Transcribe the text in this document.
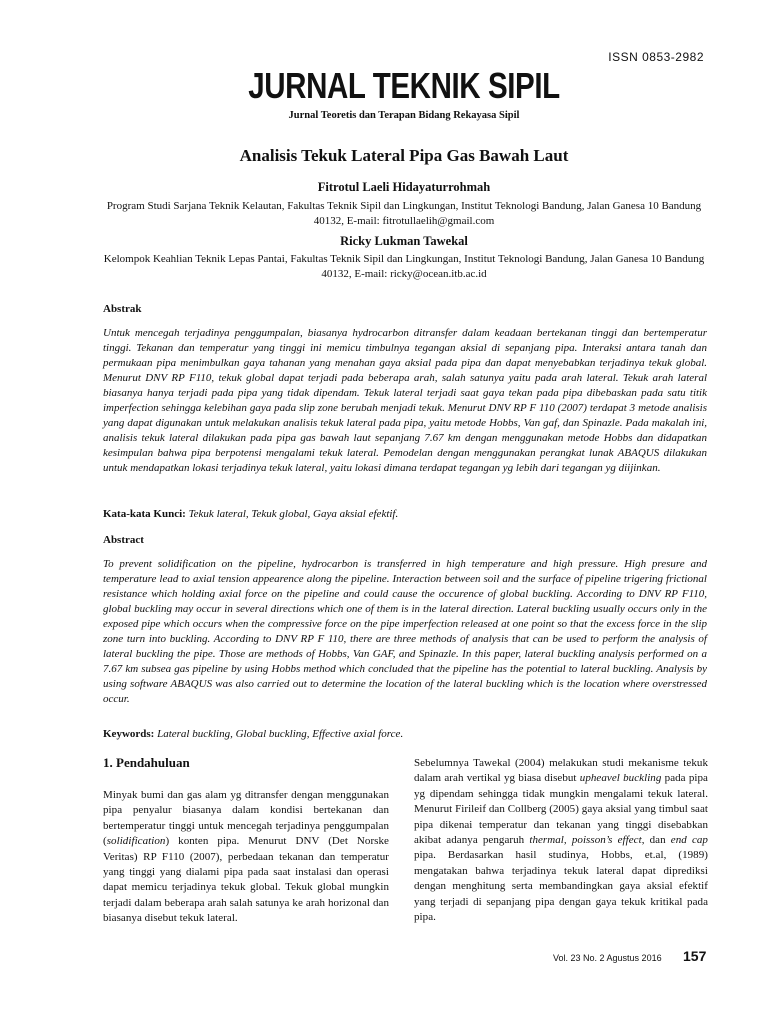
ISSN 0853-2982
JURNAL TEKNIK SIPIL
Jurnal Teoretis dan Terapan Bidang Rekayasa Sipil
Analisis Tekuk Lateral Pipa Gas Bawah Laut
Fitrotul Laeli Hidayaturrohmah
Program Studi Sarjana Teknik Kelautan, Fakultas Teknik Sipil dan Lingkungan, Institut Teknologi Bandung, Jalan Ganesa 10 Bandung 40132, E-mail: fitrotullaelih@gmail.com
Ricky Lukman Tawekal
Kelompok Keahlian Teknik Lepas Pantai, Fakultas Teknik Sipil dan Lingkungan, Institut Teknologi Bandung, Jalan Ganesa 10 Bandung 40132, E-mail: ricky@ocean.itb.ac.id
Abstrak
Untuk mencegah terjadinya penggumpalan, biasanya hydrocarbon ditransfer dalam keadaan bertekanan tinggi dan bertemperatur tinggi. Tekanan dan temperatur yang tinggi ini memicu timbulnya tegangan aksial di sepanjang pipa. Interaksi antara tanah dan permukaan pipa menimbulkan gaya tahanan yang menahan gaya aksial pada pipa dan dapat menyebabkan terjadinya tekuk global. Menurut DNV RP F110, tekuk global dapat terjadi pada beberapa arah, salah satunya yaitu pada arah lateral. Tekuk arah lateral biasanya hanya terjadi pada pipa yang tidak dipendam. Tekuk lateral terjadi saat gaya tekan pada pipa dibebaskan pada satu titik imperfection sehingga kelebihan gaya pada slip zone berubah menjadi tekuk. Menurut DNV RP F 110 (2007) terdapat 3 metode analisis yang dapat digunakan untuk melakukan analisis tekuk lateral pada pipa, yaitu metode Hobbs, Van gaf, dan Spinazle. Pada makalah ini, analisis tekuk lateral dilakukan pada pipa gas bawah laut sepanjang 7.67 km dengan menggunakan metode Hobbs dan didapatkan kesimpulan bahwa pipa berpotensi mengalami tekuk lateral. Pemodelan dengan menggunakan perangkat lunak ABAQUS dilakukan untuk mendapatkan lokasi terjadinya tekuk lateral, yaitu lokasi dimana terdapat tegangan yg lebih dari tegangan yg diijinkan.
Kata-kata Kunci: Tekuk lateral, Tekuk global, Gaya aksial efektif.
Abstract
To prevent solidification on the pipeline, hydrocarbon is transferred in high temperature and high pressure. High presure and temperature lead to axial tension appearence along the pipeline. Interaction between soil and the surface of pipeline trigering frictional resistance which holding axial force on the pipeline and could cause the occurence of global buckling. According to DNV RP F110, global buckling may occur in several directions which one of them is in the lateral direction. Lateral buckling usually occurs only in the exposed pipe which occurs when the compressive force on the pipe imperfection released at one point so that the excess force in the slip zone turn into buckling. According to DNV RP F 110, there are three methods of analysis that can be used to perform the analysis of lateral buckling the pipe. Those are methods of Hobbs, Van GAF, and Spinazle. In this paper, lateral buckling analysis performed on a 7.67 km subsea gas pipeline by using Hobbs method which concluded that the pipeline has the potential to lateral buckling. Analysis by using software ABAQUS was also carried out to determine the location of the lateral buckling which is the location where overstressed occur.
Keywords: Lateral buckling, Global buckling, Effective axial force.
1. Pendahuluan
Minyak bumi dan gas alam yg ditransfer dengan menggunakan pipa penyalur biasanya dalam kondisi bertekanan dan bertemperatur tinggi untuk mencegah terjadinya penggumpalan (solidification) konten pipa. Menurut DNV (Det Norske Veritas) RP F110 (2007), perbedaan tekanan dan temperatur yang tinggi yang dialami pipa pada saat instalasi dan operasi dapat memicu terjadinya tekuk global. Tekuk global mungkin terjadi dalam beberapa arah salah satunya ke arah horizonal dan biasanya disebut tekuk lateral.
Sebelumnya Tawekal (2004) melakukan studi mekanisme tekuk dalam arah vertikal yg biasa disebut upheavel buckling pada pipa yg dipendam sehingga tidak mungkin mengalami tekuk lateral. Menurut Firileif dan Collberg (2005) gaya aksial yang timbul saat pipa dikenai temperatur dan tekanan yang tinggi disebabkan akibat adanya pengaruh thermal, poisson’s effect, dan end cap pipa. Berdasarkan hasil studinya, Hobbs, et.al, (1989) mengatakan bahwa terjadinya tekuk lateral dapat diprediksi dengan menghitung serta membandingkan gaya aksial efektif yang terjadi di sepanjang pipa dengan gaya tekuk kritikal pada pipa.
Vol. 23 No. 2 Agustus 2016 157
